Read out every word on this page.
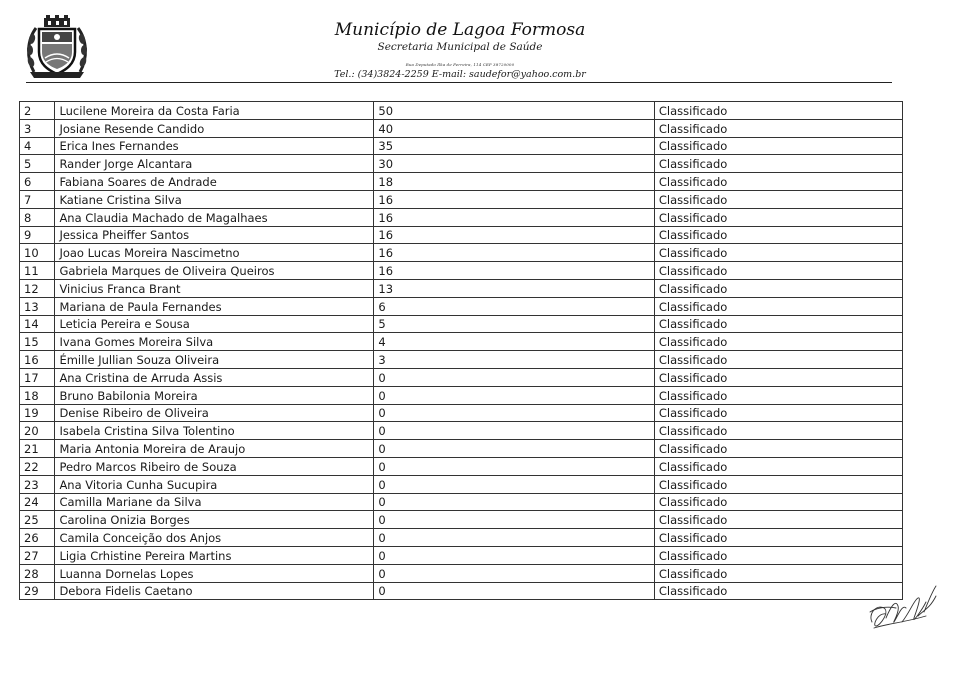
Município de Lagoa Formosa
Secretaria Municipal de Saúde
Rua Deputado Ilka de Ferreira, 114 CEP 38720000
Tel.: (34)3824-2259 E-mail: saudefor@yahoo.com.br
2	Lucilene Moreira da Costa Faria	50	Classificado
3	Josiane Resende Candido	40	Classificado
4	Erica Ines Fernandes	35	Classificado
5	Rander Jorge Alcantara	30	Classificado
6	Fabiana Soares de Andrade	18	Classificado
7	Katiane Cristina Silva	16	Classificado
8	Ana Claudia Machado de Magalhaes	16	Classificado
9	Jessica Pheiffer Santos	16	Classificado
10	Joao Lucas Moreira Nascimetno	16	Classificado
11	Gabriela Marques de Oliveira Queiros	16	Classificado
12	Vinicius Franca Brant	13	Classificado
13	Mariana de Paula Fernandes	6	Classificado
14	Leticia Pereira e Sousa	5	Classificado
15	Ivana Gomes Moreira Silva	4	Classificado
16	Émille Jullian Souza Oliveira	3	Classificado
17	Ana Cristina de Arruda Assis	0	Classificado
18	Bruno Babilonia Moreira	0	Classificado
19	Denise Ribeiro de Oliveira	0	Classificado
20	Isabela Cristina Silva Tolentino	0	Classificado
21	Maria Antonia Moreira de Araujo	0	Classificado
22	Pedro Marcos Ribeiro de Souza	0	Classificado
23	Ana Vitoria Cunha Sucupira	0	Classificado
24	Camilla Mariane da Silva	0	Classificado
25	Carolina Onizia Borges	0	Classificado
26	Camila Conceição dos Anjos	0	Classificado
27	Ligia Crhistine Pereira Martins	0	Classificado
28	Luanna Dornelas Lopes	0	Classificado
29	Debora Fidelis Caetano	0	Classificado
